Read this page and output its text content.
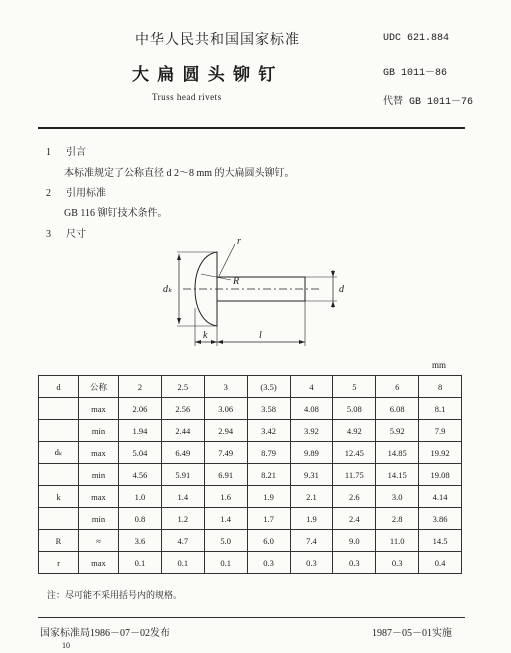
中华人民共和国国家标准	UDC 621.884
大 扁 圆 头 铆 钉	GB 1011－86
Truss head rivets	代替 GB 1011－76
1 引言
本标准规定了公称直径 d 2～8 mm 的大扁圆头铆钉。
2 引用标准
GB 116 铆钉技术条件。
3 尺寸
r
R
dₖ	d
k	l
mm
d	公称	2	2.5	3	(3.5)	4	5	6	8
	max	2.06	2.56	3.06	3.58	4.08	5.08	6.08	8.1
	min	1.94	2.44	2.94	3.42	3.92	4.92	5.92	7.9
dₖ	max	5.04	6.49	7.49	8.79	9.89	12.45	14.85	19.92
	min	4.56	5.91	6.91	8.21	9.31	11.75	14.15	19.08
k	max	1.0	1.4	1.6	1.9	2.1	2.6	3.0	4.14
	min	0.8	1.2	1.4	1.7	1.9	2.4	2.8	3.86
R	≈	3.6	4.7	5.0	6.0	7.4	9.0	11.0	14.5
r	max	0.1	0.1	0.1	0.3	0.3	0.3	0.3	0.4
注：尽可能不采用括号内的规格。
国家标准局1986－07－02发布	1987－05－01实施
10
